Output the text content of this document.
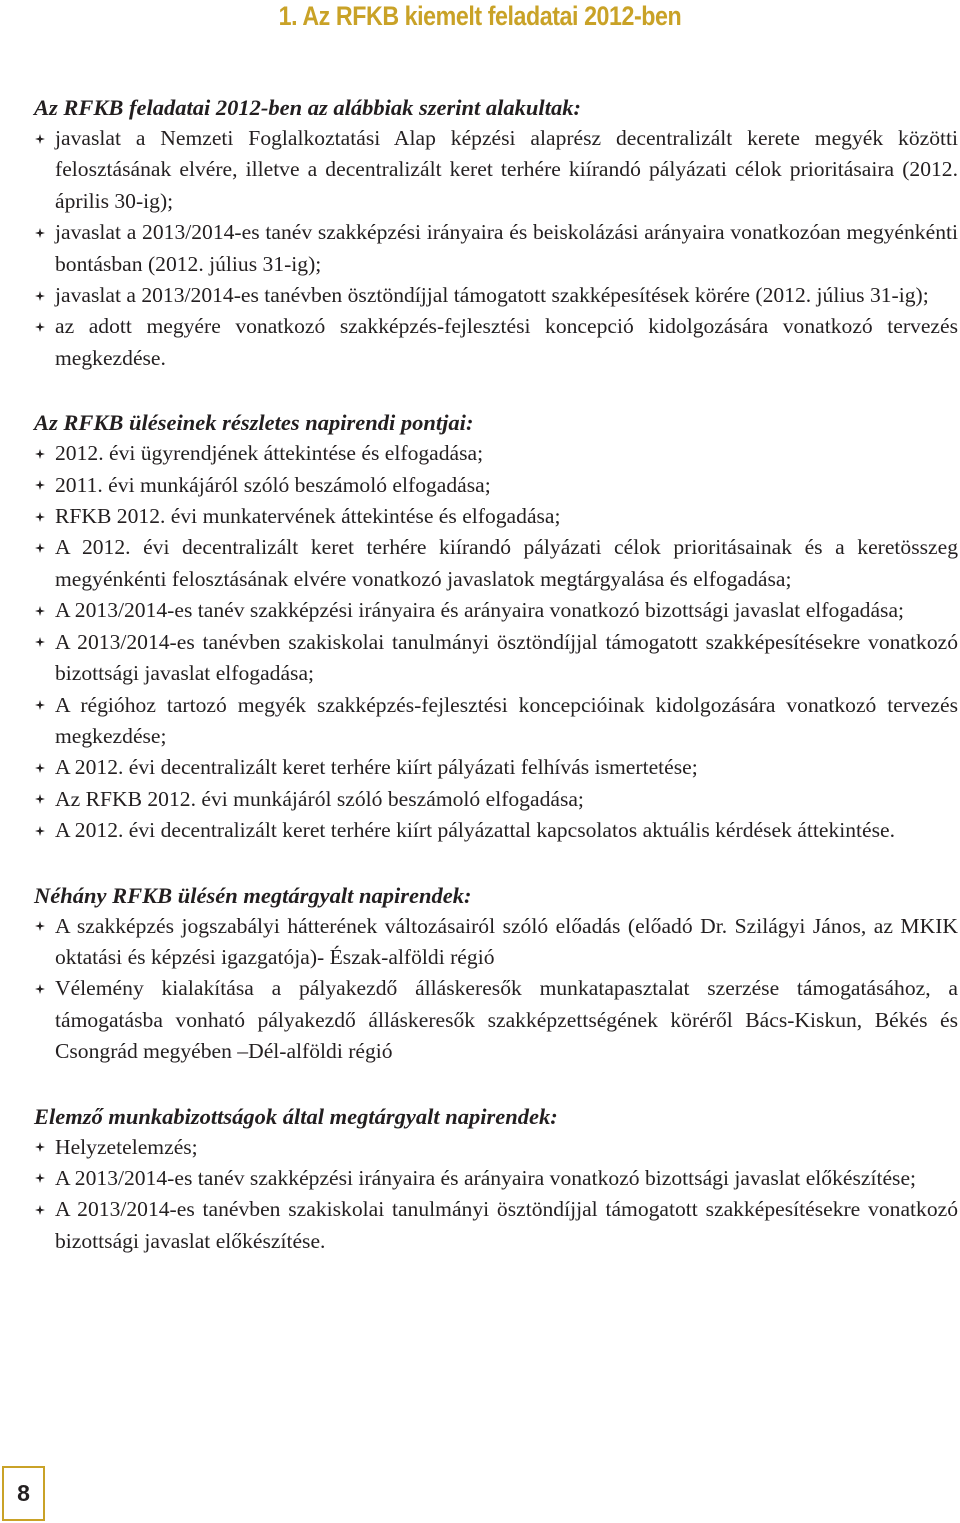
1. Az RFKB kiemelt feladatai 2012-ben

Az RFKB feladatai 2012-ben az alábbiak szerint alakultak:

javaslat a Nemzeti Foglalkoztatási Alap képzési alaprész decentralizált kerete megyék közötti felosztásának elvére, illetve a decentralizált keret terhére kiírandó pályázati célok prioritásaira (2012. április 30-ig);
javaslat a 2013/2014-es tanév szakképzési irányaira és beiskolázási arányaira vonatkozóan megyénkénti bontásban (2012. július 31-ig);
javaslat a 2013/2014-es tanévben ösztöndíjjal támogatott szakképesítések körére (2012. július 31-ig);
az adott megyére vonatkozó szakképzés-fejlesztési koncepció kidolgozására vonatkozó tervezés megkezdése.

Az RFKB üléseinek részletes napirendi pontjai:

2012. évi ügyrendjének áttekintése és elfogadása;
2011. évi munkájáról szóló beszámoló elfogadása;
RFKB 2012. évi munkatervének áttekintése és elfogadása;
A 2012. évi decentralizált keret terhére kiírandó pályázati célok prioritásainak és a keretösszeg megyénkénti felosztásának elvére vonatkozó javaslatok megtárgyalása és elfogadása;
A 2013/2014-es tanév szakképzési irányaira és arányaira vonatkozó bizottsági javaslat elfogadása;
A 2013/2014-es tanévben szakiskolai tanulmányi ösztöndíjjal támogatott szakképesítésekre vonatkozó bizottsági javaslat elfogadása;
A régióhoz tartozó megyék szakképzés-fejlesztési koncepcióinak kidolgozására vonatkozó tervezés megkezdése;
A 2012. évi decentralizált keret terhére kiírt pályázati felhívás ismertetése;
Az RFKB 2012. évi munkájáról szóló beszámoló elfogadása;
A 2012. évi decentralizált keret terhére kiírt pályázattal kapcsolatos aktuális kérdések áttekintése.

Néhány RFKB ülésén megtárgyalt napirendek:

A szakképzés jogszabályi hátterének változásairól szóló előadás (előadó Dr. Szilágyi János, az MKIK oktatási és képzési igazgatója)- Észak-alföldi régió
Vélemény kialakítása a pályakezdő álláskeresők munkatapasztalat szerzése támogatásához, a támogatásba vonható pályakezdő álláskeresők szakképzettségének köréről Bács-Kiskun, Békés és Csongrád megyében –Dél-alföldi régió

Elemző munkabizottságok által megtárgyalt napirendek:

Helyzetelemzés;
A 2013/2014-es tanév szakképzési irányaira és arányaira vonatkozó bizottsági javaslat előkészítése;
A 2013/2014-es tanévben szakiskolai tanulmányi ösztöndíjjal támogatott szakképesítésekre vonatkozó bizottsági javaslat előkészítése.
8
